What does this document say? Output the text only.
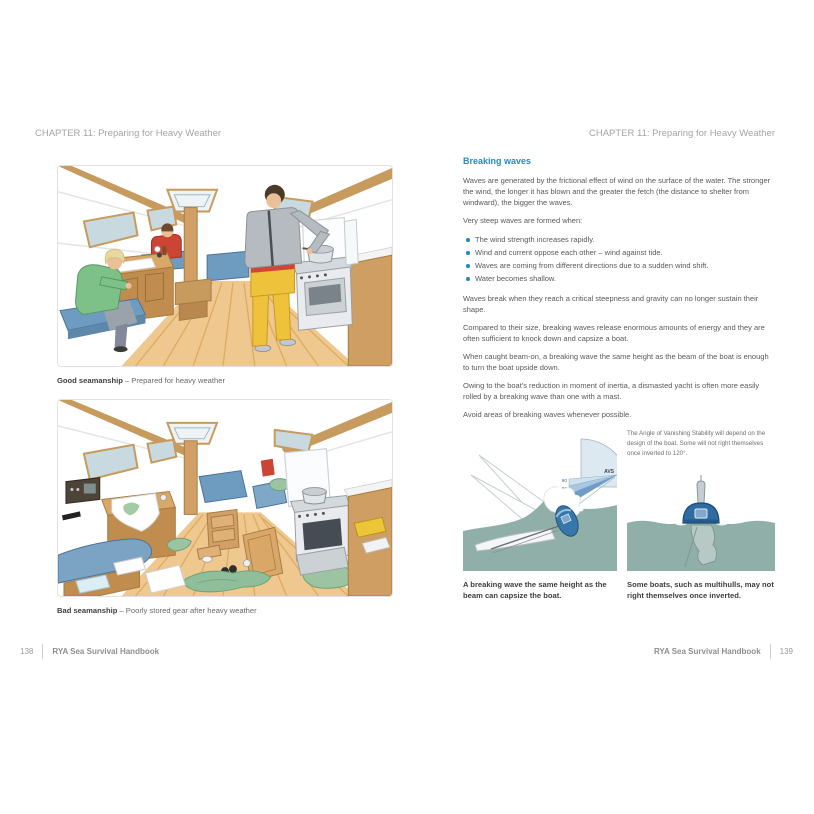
CHAPTER 11: Preparing for Heavy Weather

Good seamanship – Prepared for heavy weather

Bad seamanship – Poorly stored gear after heavy weather

138 RYA Sea Survival Handbook
CHAPTER 11: Preparing for Heavy Weather
Breaking waves

Waves are generated by the frictional effect of wind on the surface of the water. The stronger the wind, the longer it has blown and the greater the fetch (the distance to shelter from windward), the bigger the waves.

Very steep waves are formed when:

The wind strength increases rapidly.
Wind and current oppose each other – wind against tide.
Waves are coming from different directions due to a sudden wind shift.
Water becomes shallow.

Waves break when they reach a critical steepness and gravity can no longer sustain their shape.

Compared to their size, breaking waves release enormous amounts of energy and they are often sufficient to knock down and capsize a boat.

When caught beam-on, a breaking wave the same height as the beam of the boat is enough to turn the boat upside down.

Owing to the boat's reduction in moment of inertia, a dismasted yacht is often more easily rolled by a breaking wave than one with a mast.

Avoid areas of breaking waves whenever possible.

90
AVS

A breaking wave the same height as the beam can capsize the boat.

The Angle of Vanishing Stability will depend on the design of the boat. Some will not right themselves once inverted to 120°.

Some boats, such as multihulls, may not right themselves once inverted.

RYA Sea Survival Handbook 139
